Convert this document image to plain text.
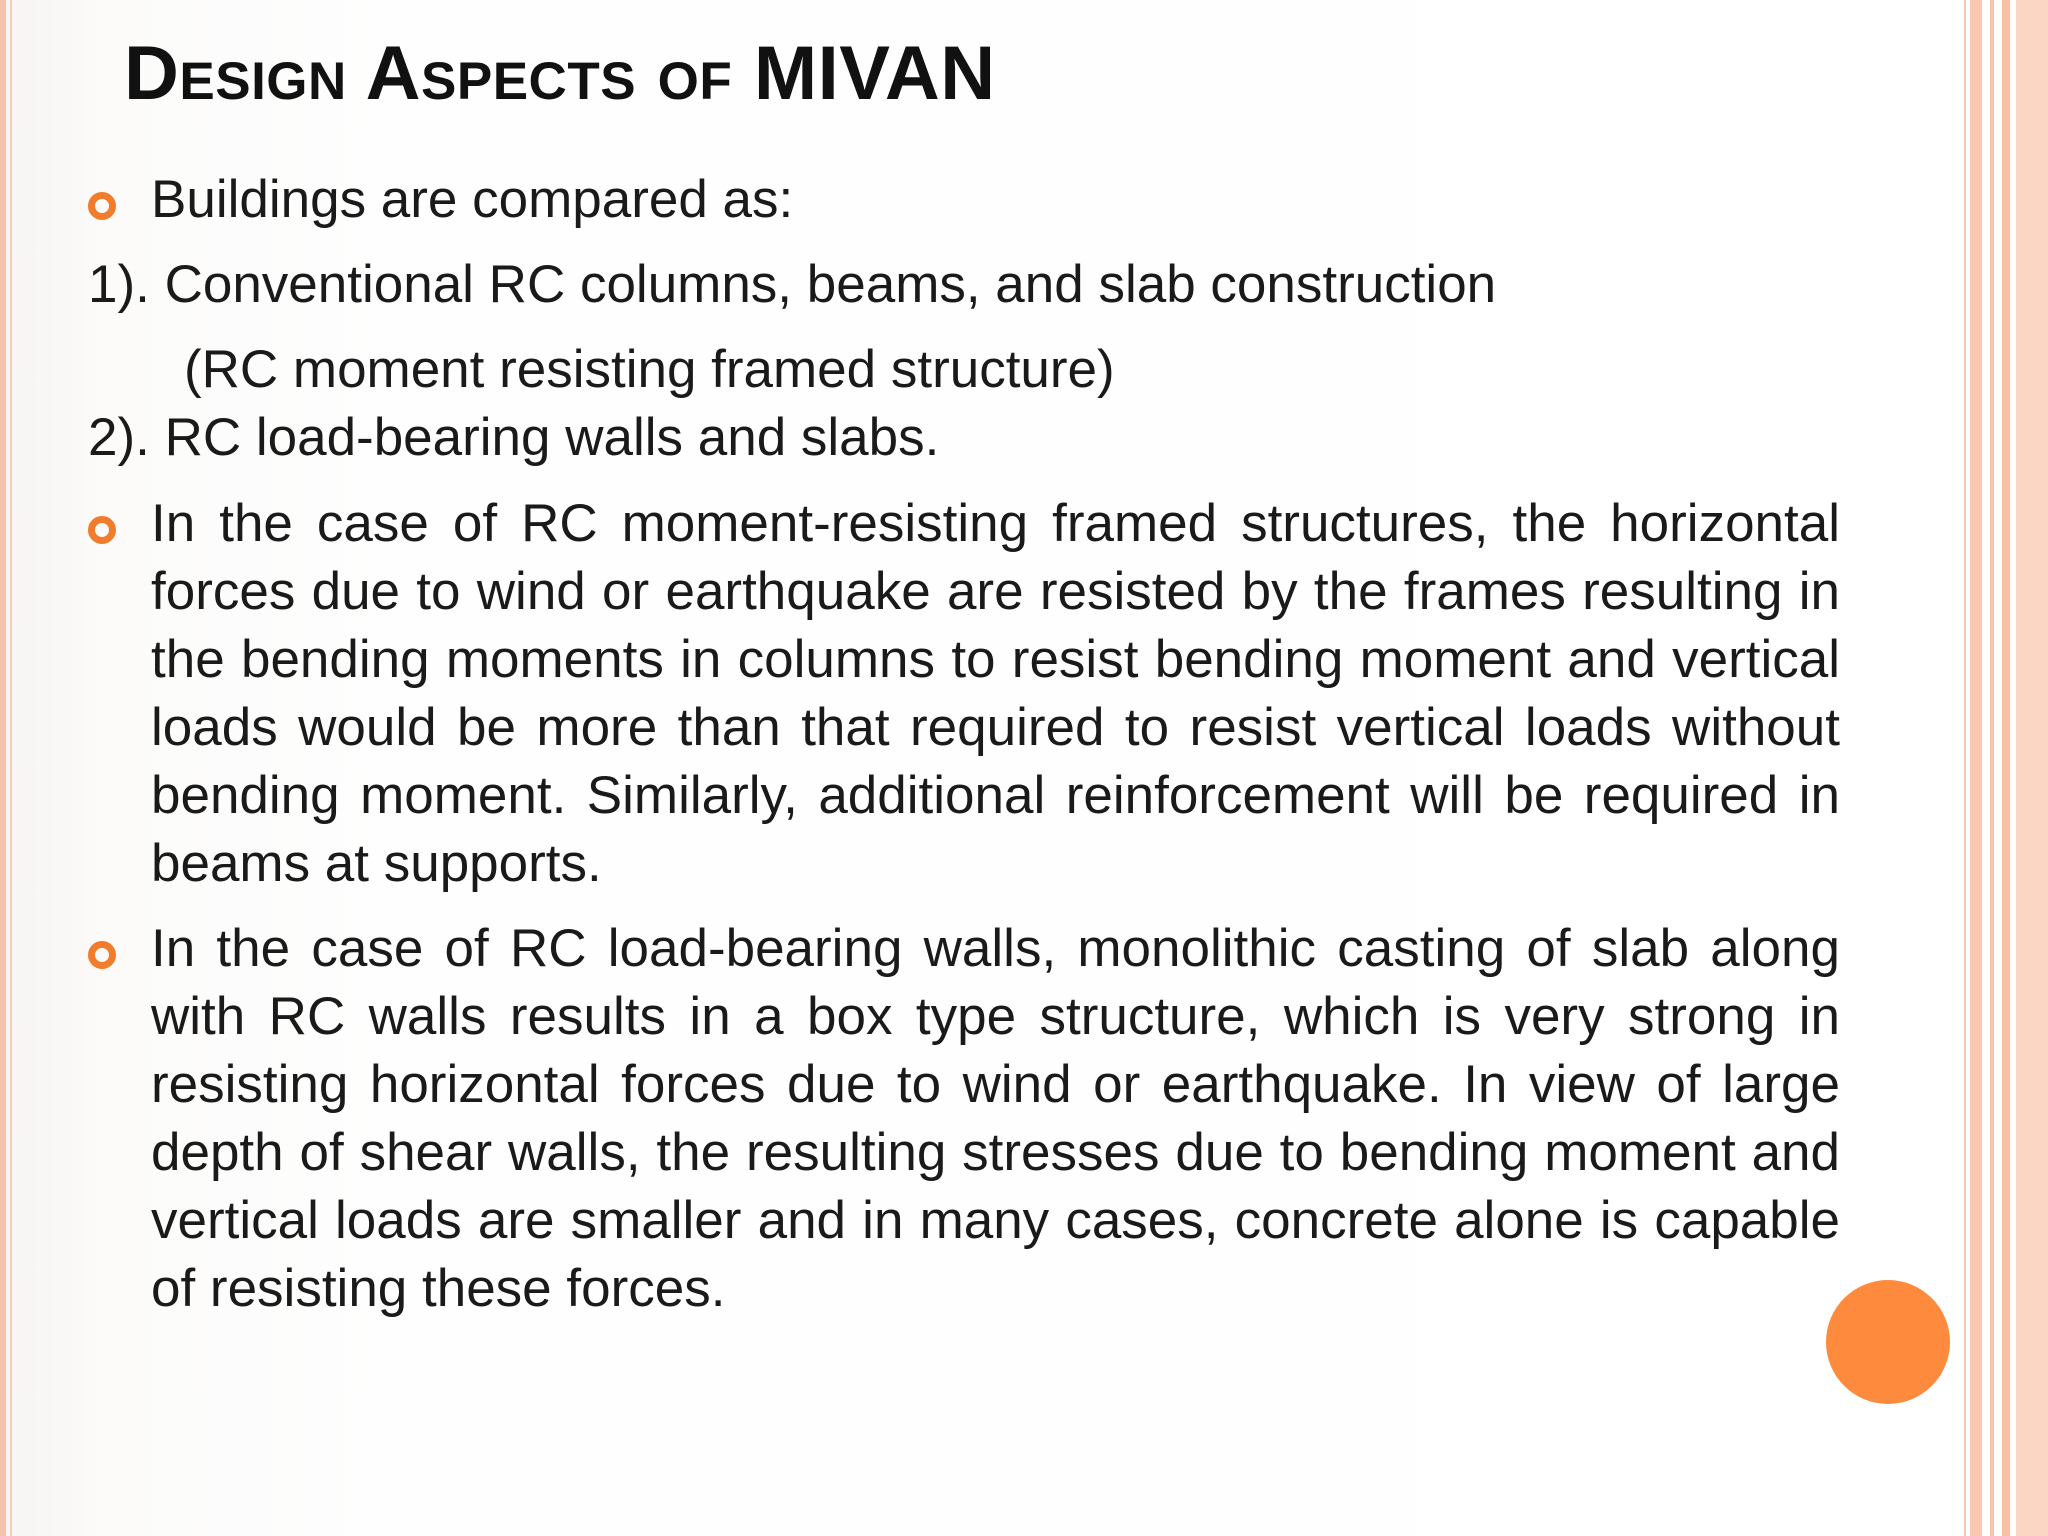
Design Aspects of MIVAN
Buildings are compared as:
1). Conventional RC columns, beams, and slab construction
(RC moment resisting framed structure)
2). RC load-bearing walls and slabs.
In the case of RC moment-resisting framed structures, the horizontal forces due to wind or earthquake are resisted by the frames resulting in the bending moments in columns to resist bending moment and vertical loads would be more than that required to resist vertical loads without bending moment. Similarly, additional reinforcement will be required in beams at supports.
In the case of RC load-bearing walls, monolithic casting of slab along with RC walls results in a box type structure, which is very strong in resisting horizontal forces due to wind or earthquake. In view of large depth of shear walls, the resulting stresses due to bending moment and vertical loads are smaller and in many cases, concrete alone is capable of resisting these forces.
